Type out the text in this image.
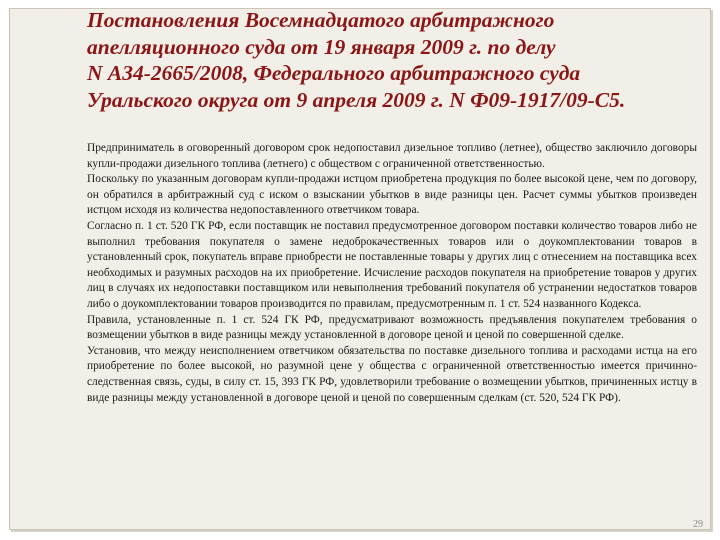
Постановления Восемнадцатого арбитражного
апелляционного суда от 19 января 2009 г. по делу
N А34-2665/2008, Федерального арбитражного суда
Уральского округа от 9 апреля 2009 г. N Ф09-1917/09-С5.

Предприниматель в оговоренный договором срок недопоставил дизельное топливо (летнее), общество заключило договоры купли-продажи дизельного топлива (летнего) с обществом с ограниченной ответственностью.

Поскольку по указанным договорам купли-продажи истцом приобретена продукция по более высокой цене, чем по договору, он обратился в арбитражный суд с иском о взыскании убытков в виде разницы цен. Расчет суммы убытков произведен истцом исходя из количества недопоставленного ответчиком товара.

Согласно п. 1 ст. 520 ГК РФ, если поставщик не поставил предусмотренное договором поставки количество товаров либо не выполнил требования покупателя о замене недоброкачественных товаров или о доукомплектовании товаров в установленный срок, покупатель вправе приобрести не поставленные товары у других лиц с отнесением на поставщика всех необходимых и разумных расходов на их приобретение. Исчисление расходов покупателя на приобретение товаров у других лиц в случаях их недопоставки поставщиком или невыполнения требований покупателя об устранении недостатков товаров либо о доукомплектовании товаров производится по правилам, предусмотренным п. 1 ст. 524 названного Кодекса.

Правила, установленные п. 1 ст. 524 ГК РФ, предусматривают возможность предъявления покупателем требования о возмещении убытков в виде разницы между установленной в договоре ценой и ценой по совершенной сделке.

Установив, что между неисполнением ответчиком обязательства по поставке дизельного топлива и расходами истца на его приобретение по более высокой, но разумной цене у общества с ограниченной ответственностью имеется причинно-следственная связь, суды, в силу ст. 15, 393 ГК РФ, удовлетворили требование о возмещении убытков, причиненных истцу в виде разницы между установленной в договоре ценой и ценой по совершенным сделкам (ст. 520, 524 ГК РФ).

29
